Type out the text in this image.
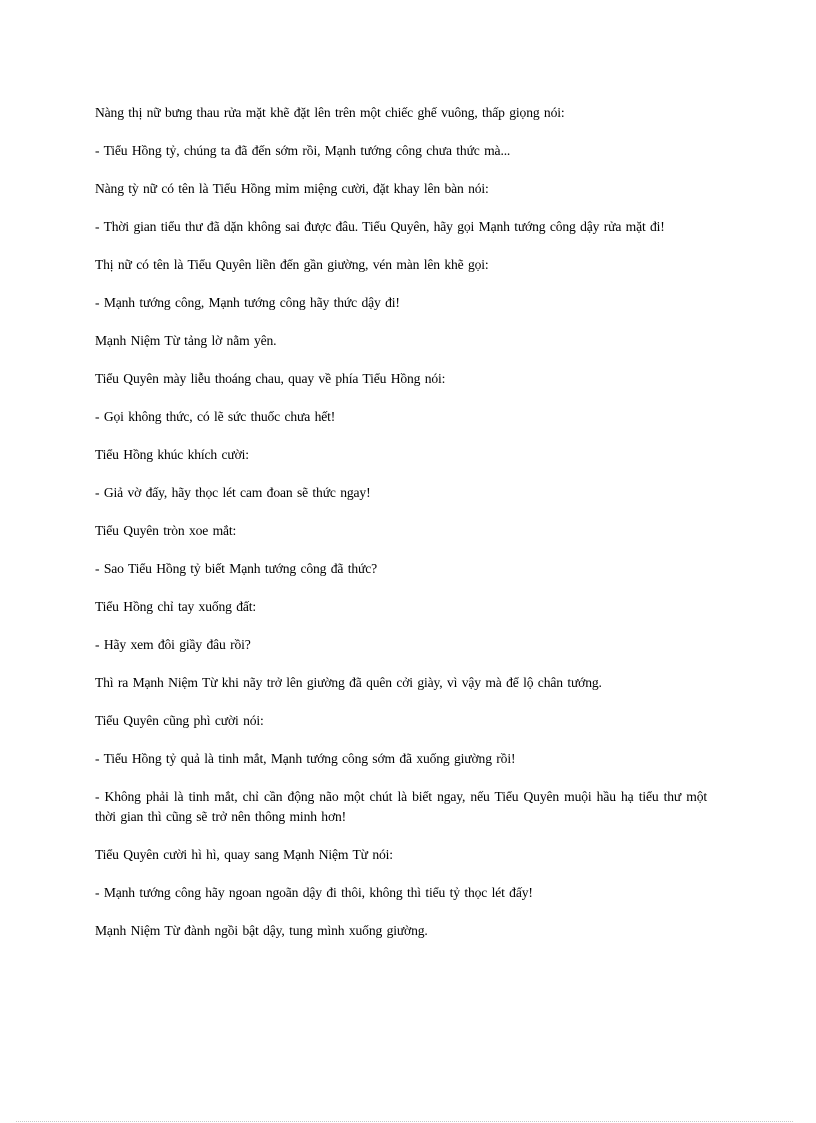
Nàng thị nữ bưng thau rửa mặt khẽ đặt lên trên một chiếc ghế vuông, thấp giọng nói:

- Tiểu Hồng tỷ, chúng ta đã đến sớm rồi, Mạnh tướng công chưa thức mà...

Nàng tỳ nữ có tên là Tiểu Hồng mỉm miệng cười, đặt khay lên bàn nói:

- Thời gian tiểu thư đã dặn không sai được đâu. Tiểu Quyên, hãy gọi Mạnh tướng công dậy rửa mặt đi!

Thị nữ có tên là Tiểu Quyên liền đến gần giường, vén màn lên khẽ gọi:

- Mạnh tướng công, Mạnh tướng công hãy thức dậy đi!

Mạnh Niệm Từ tảng lờ nằm yên.

Tiểu Quyên mày liễu thoáng chau, quay về phía Tiểu Hồng nói:

- Gọi không thức, có lẽ sức thuốc chưa hết!

Tiểu Hồng khúc khích cười:

- Giả vờ đấy, hãy thọc lét cam đoan sẽ thức ngay!

Tiểu Quyên tròn xoe mắt:

- Sao Tiểu Hồng tỷ biết Mạnh tướng công đã thức?

Tiểu Hồng chỉ tay xuống đất:

- Hãy xem đôi giầy đâu rồi?

Thì ra Mạnh Niệm Từ khi nãy trở lên giường đã quên cởi giày, vì vậy mà để lộ chân tướng.

Tiểu Quyên cũng phì cười nói:

- Tiểu Hồng tỷ quả là tinh mắt, Mạnh tướng công sớm đã xuống giường rồi!

- Không phải là tinh mắt, chỉ cần động não một chút là biết ngay, nếu Tiểu Quyên muội hầu hạ tiểu thư một thời gian thì cũng sẽ trở nên thông minh hơn!

Tiểu Quyên cười hì hì, quay sang Mạnh Niệm Từ nói:

- Mạnh tướng công hãy ngoan ngoãn dậy đi thôi, không thì tiểu tỷ thọc lét đấy!

Mạnh Niệm Từ đành ngồi bật dậy, tung mình xuống giường.
